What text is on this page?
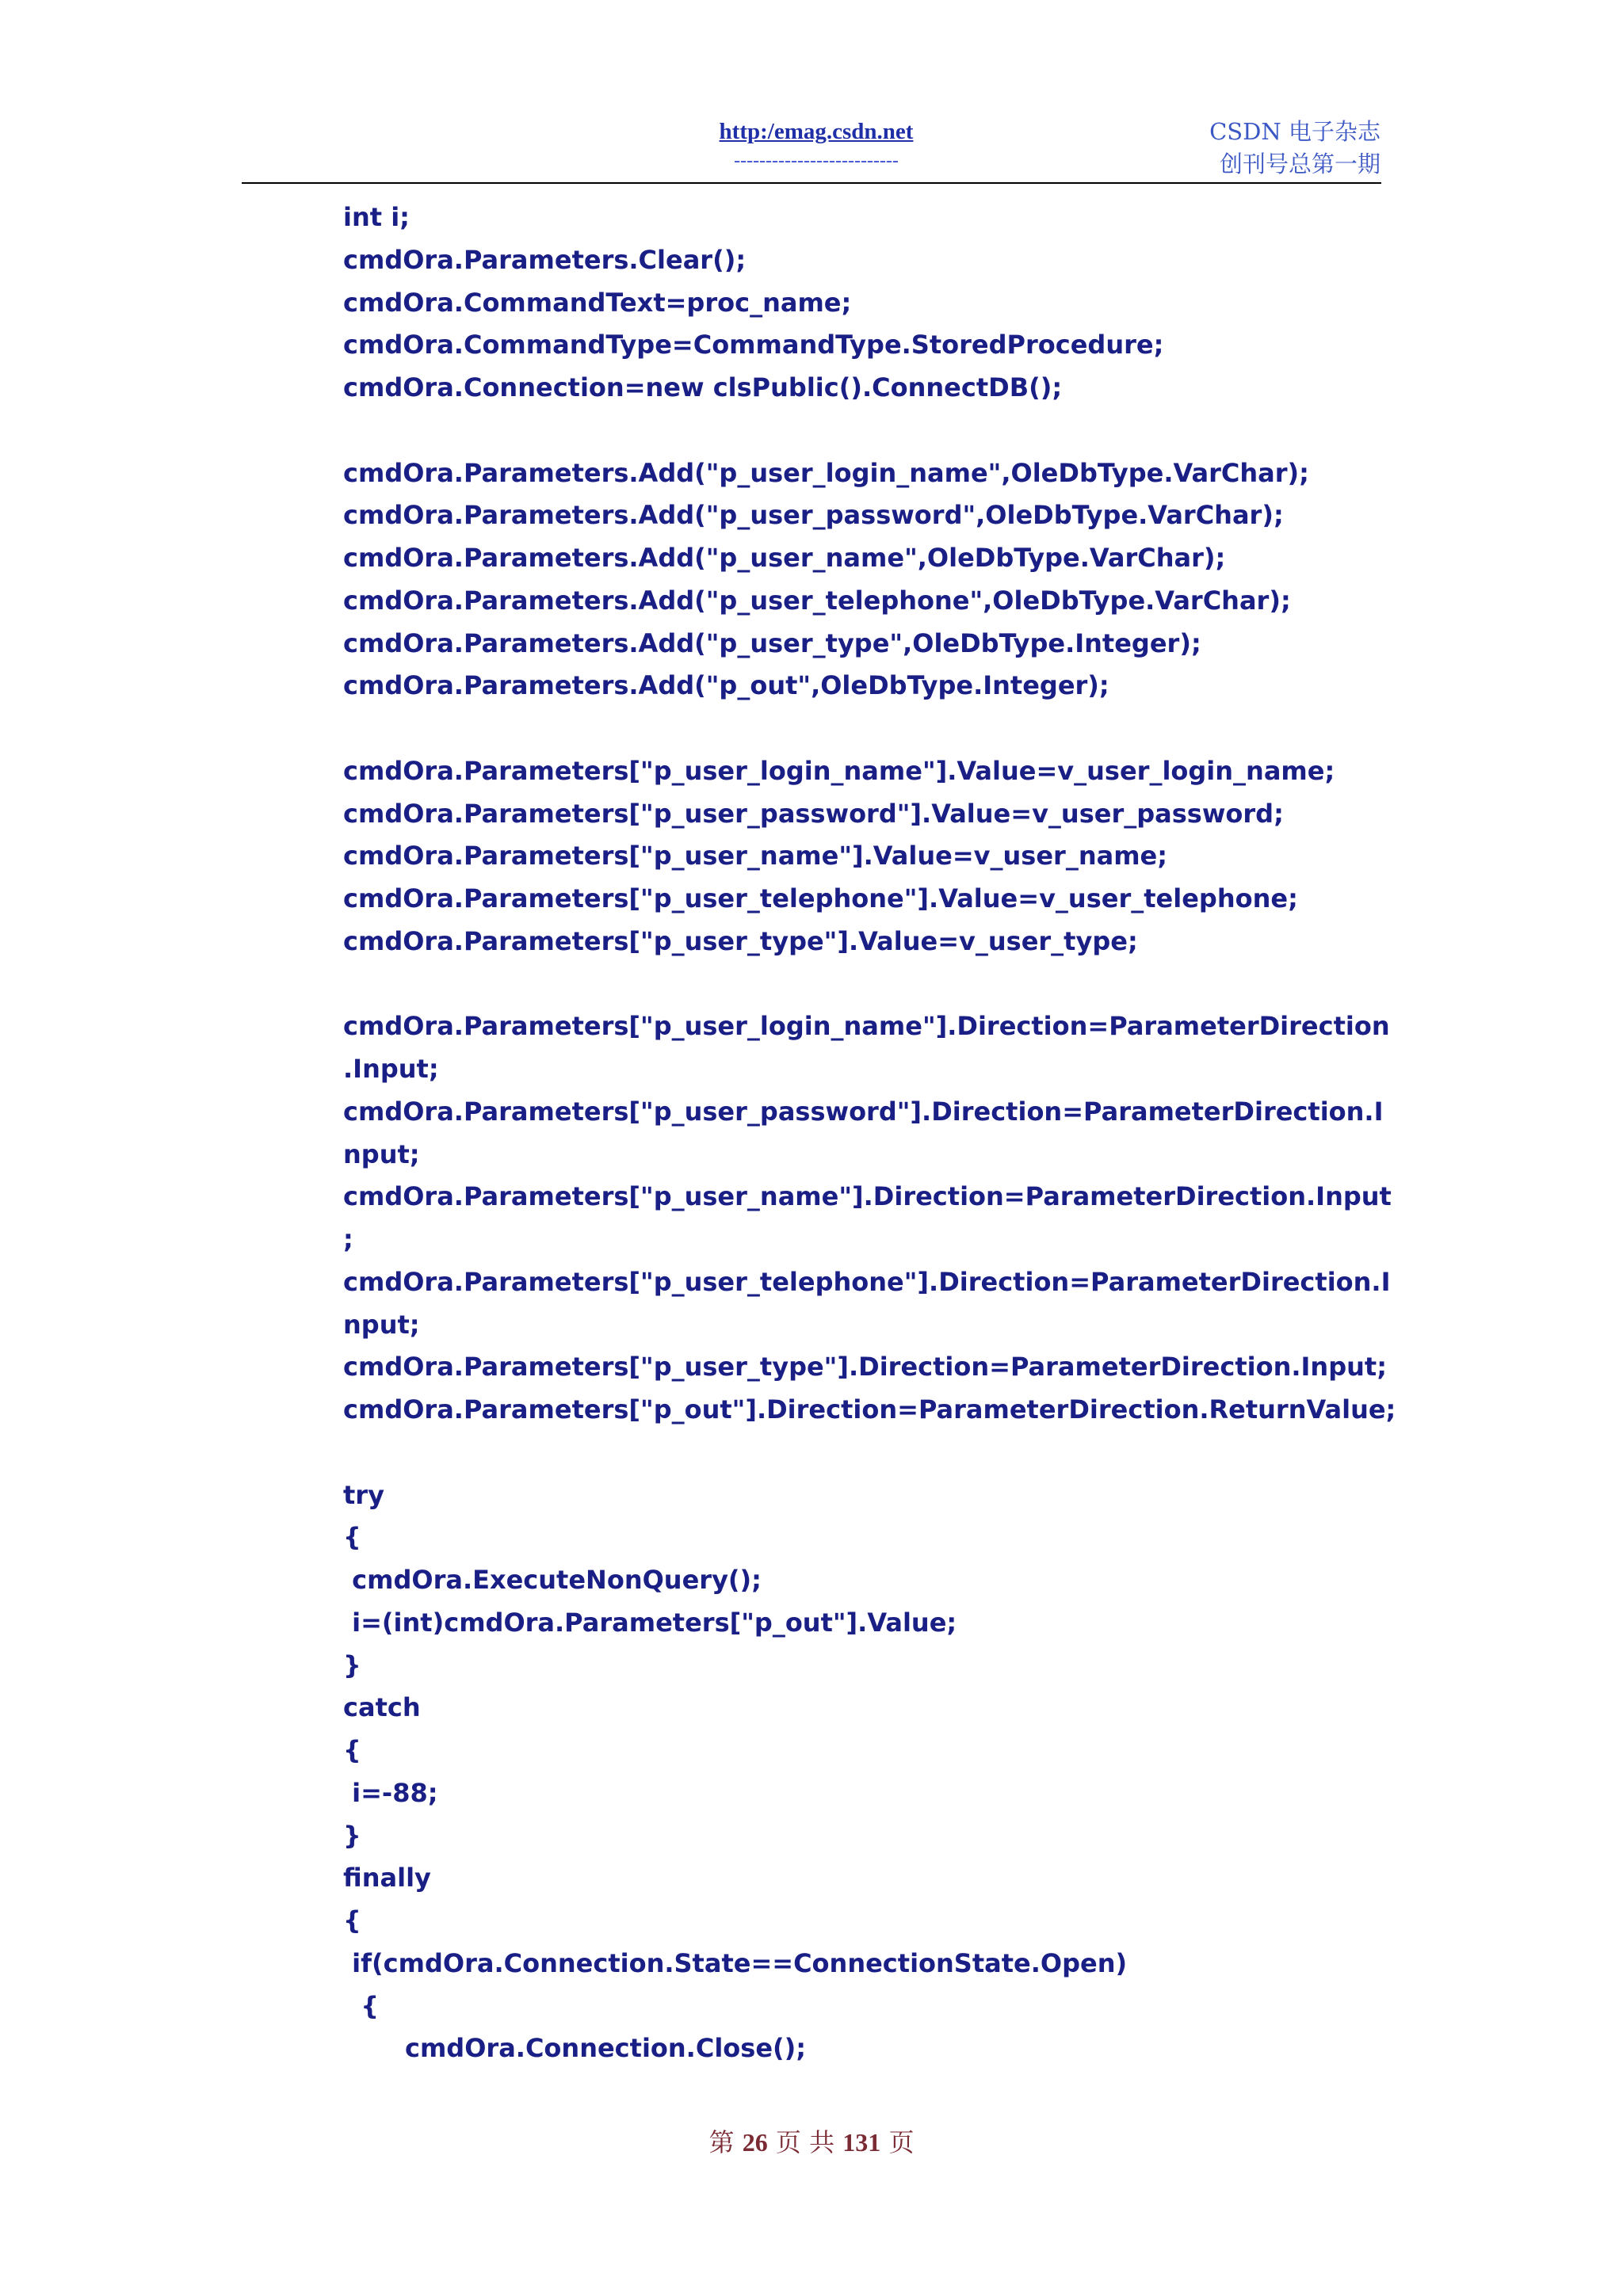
http:/emag.csdn.net
--------------------------
CSDN 电子杂志
创刊号总第一期
int i;
cmdOra.Parameters.Clear();
cmdOra.CommandText=proc_name;
cmdOra.CommandType=CommandType.StoredProcedure;
cmdOra.Connection=new clsPublic().ConnectDB();
cmdOra.Parameters.Add("p_user_login_name",OleDbType.VarChar);
cmdOra.Parameters.Add("p_user_password",OleDbType.VarChar);
cmdOra.Parameters.Add("p_user_name",OleDbType.VarChar);
cmdOra.Parameters.Add("p_user_telephone",OleDbType.VarChar);
cmdOra.Parameters.Add("p_user_type",OleDbType.Integer);
cmdOra.Parameters.Add("p_out",OleDbType.Integer);
cmdOra.Parameters["p_user_login_name"].Value=v_user_login_name;
cmdOra.Parameters["p_user_password"].Value=v_user_password;
cmdOra.Parameters["p_user_name"].Value=v_user_name;
cmdOra.Parameters["p_user_telephone"].Value=v_user_telephone;
cmdOra.Parameters["p_user_type"].Value=v_user_type;
cmdOra.Parameters["p_user_login_name"].Direction=ParameterDirection
.Input;
cmdOra.Parameters["p_user_password"].Direction=ParameterDirection.I
nput;
cmdOra.Parameters["p_user_name"].Direction=ParameterDirection.Input
;
cmdOra.Parameters["p_user_telephone"].Direction=ParameterDirection.I
nput;
cmdOra.Parameters["p_user_type"].Direction=ParameterDirection.Input;
cmdOra.Parameters["p_out"].Direction=ParameterDirection.ReturnValue;
try
{
cmdOra.ExecuteNonQuery();
i=(int)cmdOra.Parameters["p_out"].Value;
}
catch
{
i=-88;
}
finally
{
if(cmdOra.Connection.State==ConnectionState.Open)
{
cmdOra.Connection.Close();
第 26 页 共 131 页
